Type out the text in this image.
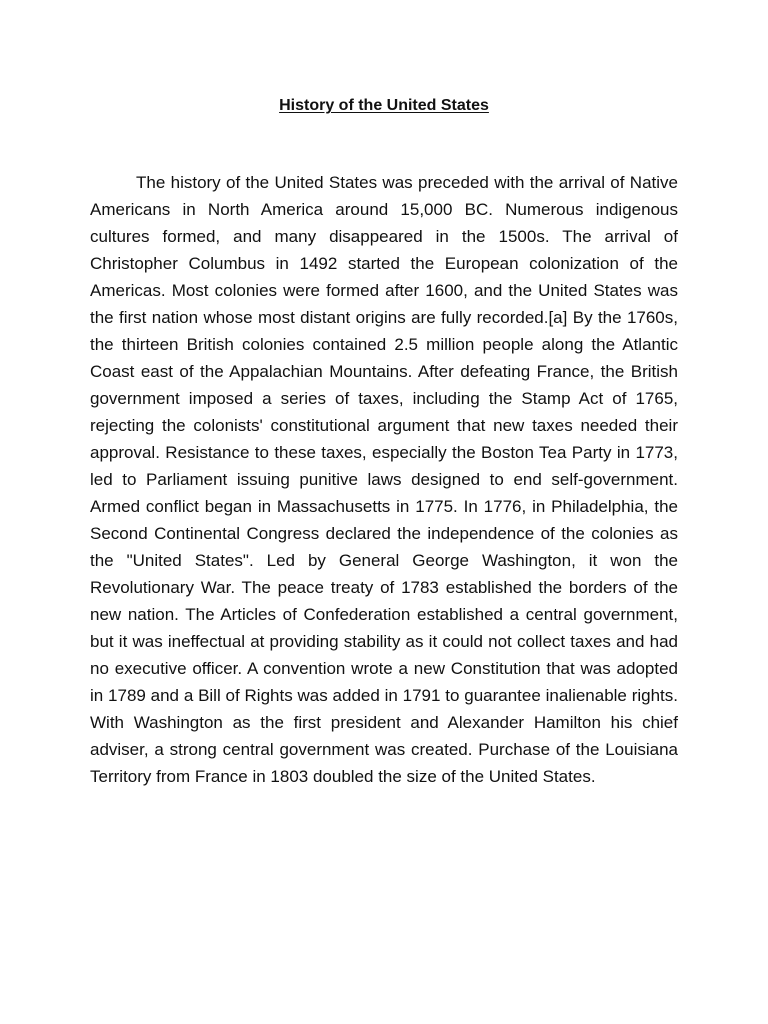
History of the United States

The history of the United States was preceded with the arrival of Native Americans in North America around 15,000 BC. Numerous indigenous cultures formed, and many disappeared in the 1500s. The arrival of Christopher Columbus in 1492 started the European colonization of the Americas. Most colonies were formed after 1600, and the United States was the first nation whose most distant origins are fully recorded.[a] By the 1760s, the thirteen British colonies contained 2.5 million people along the Atlantic Coast east of the Appalachian Mountains. After defeating France, the British government imposed a series of taxes, including the Stamp Act of 1765, rejecting the colonists' constitutional argument that new taxes needed their approval. Resistance to these taxes, especially the Boston Tea Party in 1773, led to Parliament issuing punitive laws designed to end self-government. Armed conflict began in Massachusetts in 1775. In 1776, in Philadelphia, the Second Continental Congress declared the independence of the colonies as the "United States". Led by General George Washington, it won the Revolutionary War. The peace treaty of 1783 established the borders of the new nation. The Articles of Confederation established a central government, but it was ineffectual at providing stability as it could not collect taxes and had no executive officer. A convention wrote a new Constitution that was adopted in 1789 and a Bill of Rights was added in 1791 to guarantee inalienable rights. With Washington as the first president and Alexander Hamilton his chief adviser, a strong central government was created. Purchase of the Louisiana Territory from France in 1803 doubled the size of the United States.
